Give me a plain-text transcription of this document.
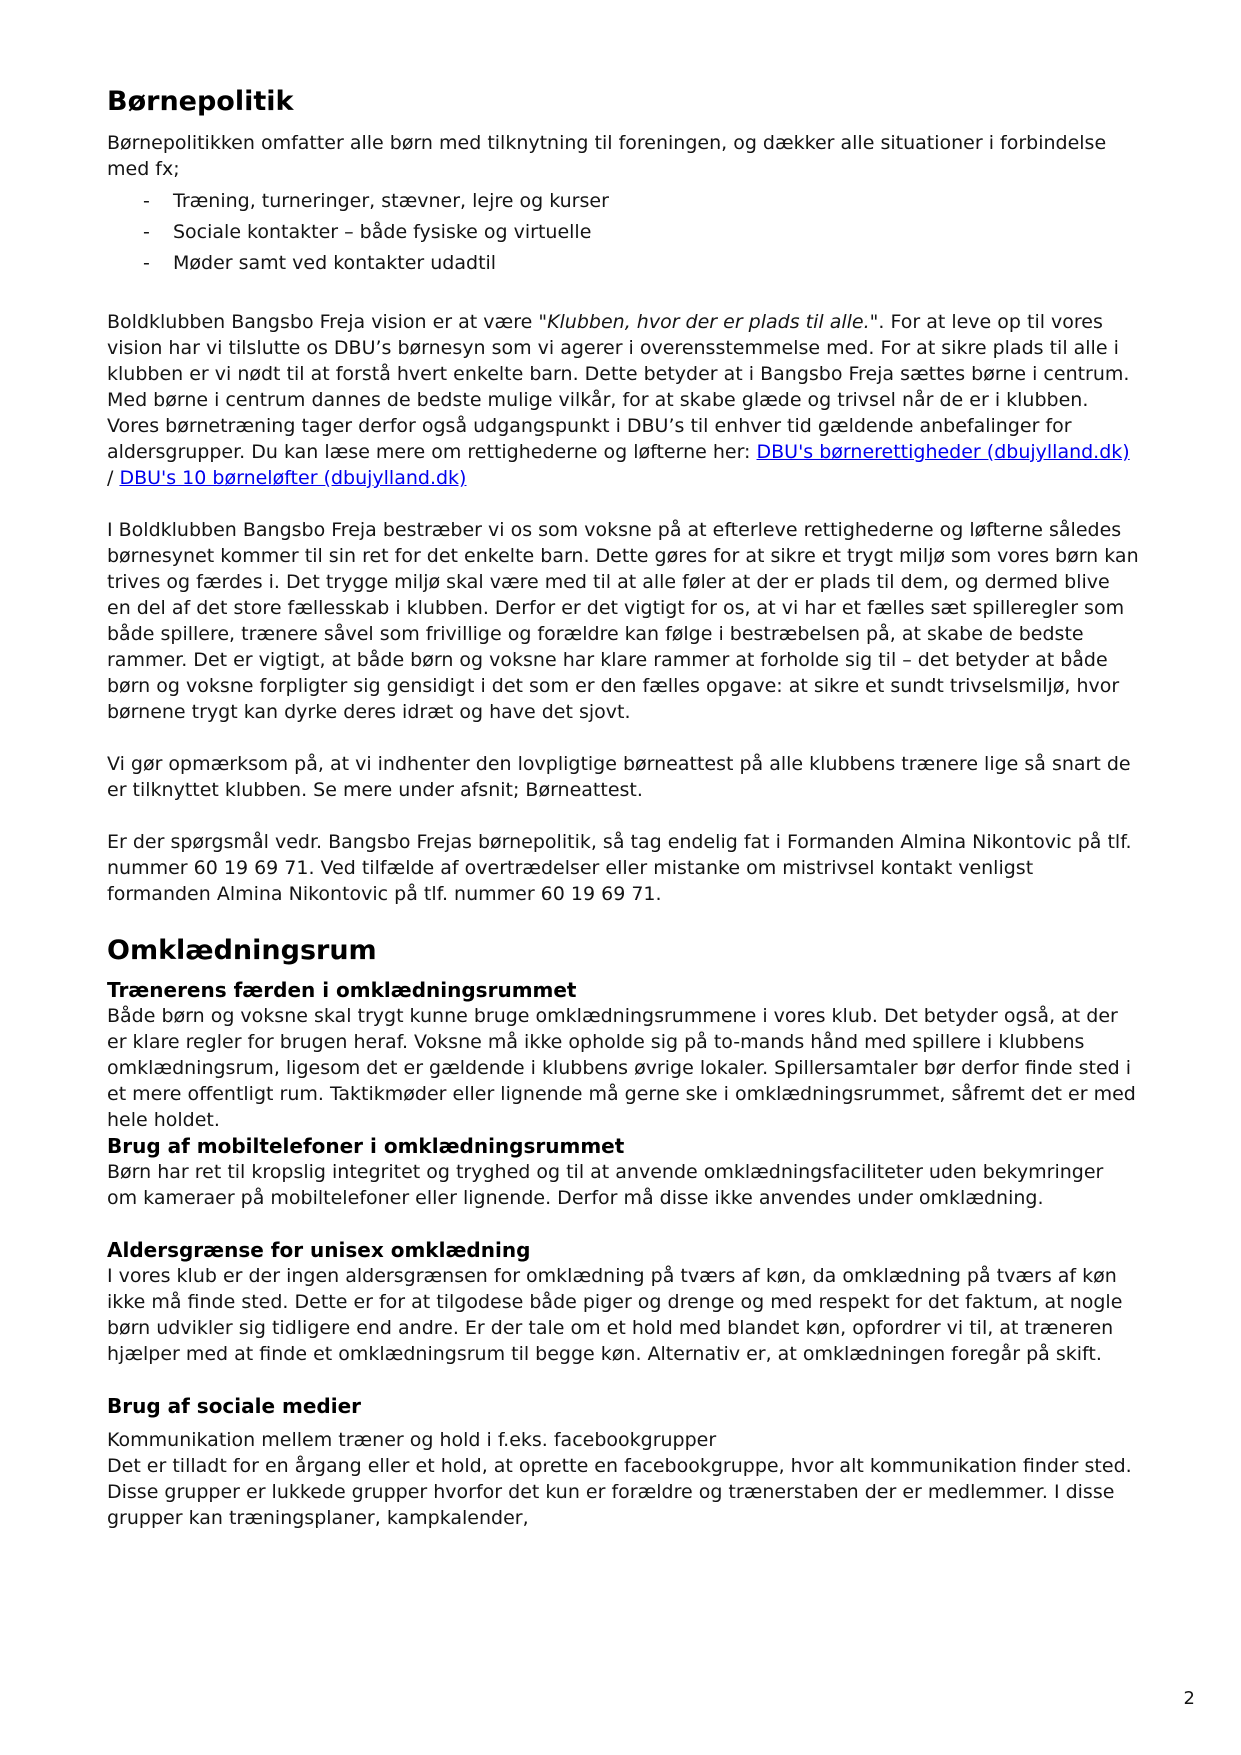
Børnepolitik

Børnepolitikken omfatter alle børn med tilknytning til foreningen, og dækker alle situationer i forbindelse med fx;

-	Træning, turneringer, stævner, lejre og kurser
-	Sociale kontakter – både fysiske og virtuelle
-	Møder samt ved kontakter udadtil

Boldklubben Bangsbo Freja vision er at være "Klubben, hvor der er plads til alle.". For at leve op til vores vision har vi tilslutte os DBU’s børnesyn som vi agerer i overensstemmelse med. For at sikre plads til alle i klubben er vi nødt til at forstå hvert enkelte barn. Dette betyder at i Bangsbo Freja sættes børne i centrum. Med børne i centrum dannes de bedste mulige vilkår, for at skabe glæde og trivsel når de er i klubben. Vores børnetræning tager derfor også udgangspunkt i DBU’s til enhver tid gældende anbefalinger for aldersgrupper. Du kan læse mere om rettighederne og løfterne her: DBU's børnerettigheder (dbujylland.dk) / DBU's 10 børneløfter (dbujylland.dk)

I Boldklubben Bangsbo Freja bestræber vi os som voksne på at efterleve rettighederne og løfterne således børnesynet kommer til sin ret for det enkelte barn. Dette gøres for at sikre et trygt miljø som vores børn kan trives og færdes i. Det trygge miljø skal være med til at alle føler at der er plads til dem, og dermed blive en del af det store fællesskab i klubben. Derfor er det vigtigt for os, at vi har et fælles sæt spilleregler som både spillere, trænere såvel som frivillige og forældre kan følge i bestræbelsen på, at skabe de bedste rammer. Det er vigtigt, at både børn og voksne har klare rammer at forholde sig til – det betyder at både børn og voksne forpligter sig gensidigt i det som er den fælles opgave: at sikre et sundt trivselsmiljø, hvor børnene trygt kan dyrke deres idræt og have det sjovt.

Vi gør opmærksom på, at vi indhenter den lovpligtige børneattest på alle klubbens trænere lige så snart de er tilknyttet klubben. Se mere under afsnit; Børneattest.

Er der spørgsmål vedr. Bangsbo Frejas børnepolitik, så tag endelig fat i Formanden Almina Nikontovic på tlf. nummer 60 19 69 71. Ved tilfælde af overtrædelser eller mistanke om mistrivsel kontakt venligst formanden Almina Nikontovic på tlf. nummer 60 19 69 71.

Omklædningsrum
Trænerens færden i omklædningsrummet

Både børn og voksne skal trygt kunne bruge omklædningsrummene i vores klub. Det betyder også, at der er klare regler for brugen heraf. Voksne må ikke opholde sig på to-mands hånd med spillere i klubbens omklædningsrum, ligesom det er gældende i klubbens øvrige lokaler. Spillersamtaler bør derfor finde sted i et mere offentligt rum. Taktikmøder eller lignende må gerne ske i omklædningsrummet, såfremt det er med hele holdet.

Brug af mobiltelefoner i omklædningsrummet

Børn har ret til kropslig integritet og tryghed og til at anvende omklædningsfaciliteter uden bekymringer om kameraer på mobiltelefoner eller lignende. Derfor må disse ikke anvendes under omklædning.

Aldersgrænse for unisex omklædning

I vores klub er der ingen aldersgrænsen for omklædning på tværs af køn, da omklædning på tværs af køn ikke må finde sted. Dette er for at tilgodese både piger og drenge og med respekt for det faktum, at nogle børn udvikler sig tidligere end andre. Er der tale om et hold med blandet køn, opfordrer vi til, at træneren hjælper med at finde et omklædningsrum til begge køn. Alternativ er, at omklædningen foregår på skift.

Brug af sociale medier

Kommunikation mellem træner og hold i f.eks. facebookgrupper

Det er tilladt for en årgang eller et hold, at oprette en facebookgruppe, hvor alt kommunikation finder sted. Disse grupper er lukkede grupper hvorfor det kun er forældre og trænerstaben der er medlemmer. I disse grupper kan træningsplaner, kampkalender,

2
